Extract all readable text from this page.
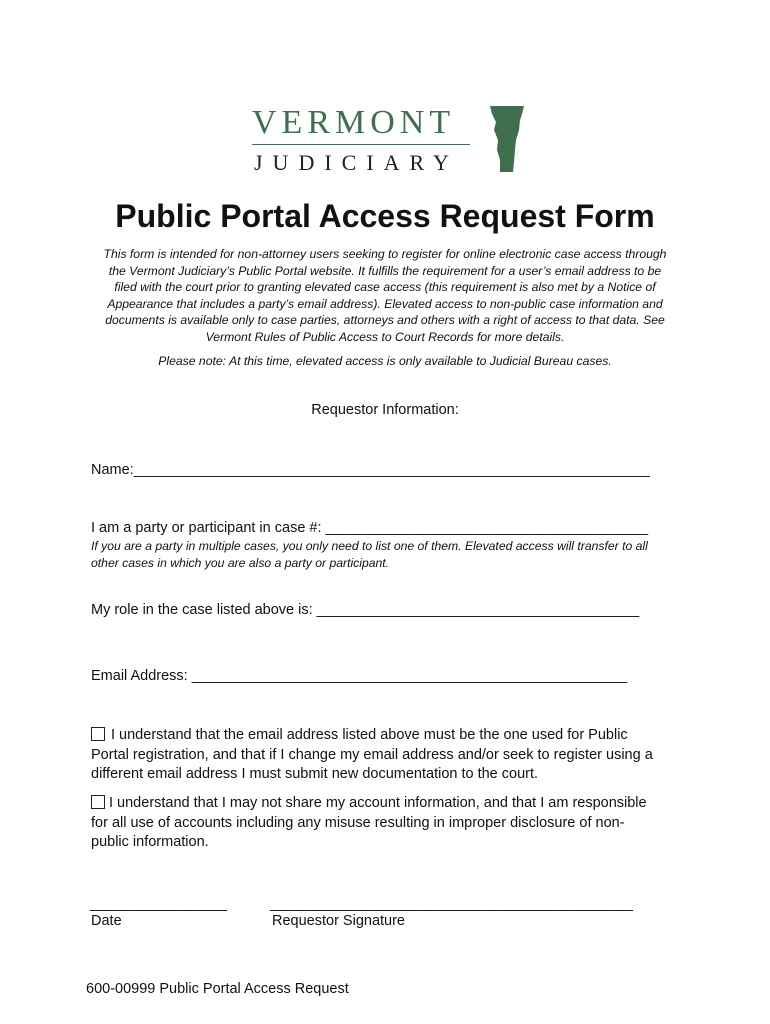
VERMONT
JUDICIARY
Public Portal Access Request Form
This form is intended for non-attorney users seeking to register for online electronic case access through
the Vermont Judiciary’s Public Portal website. It fulfills the requirement for a user’s email address to be
filed with the court prior to granting elevated case access (this requirement is also met by a Notice of
Appearance that includes a party’s email address). Elevated access to non-public case information and
documents is available only to case parties, attorneys and others with a right of access to that data. See
Vermont Rules of Public Access to Court Records for more details.
Please note: At this time, elevated access is only available to Judicial Bureau cases.
Requestor Information:
Name:________________________________________________________________
I am a party or participant in case #: ________________________________________
If you are a party in multiple cases, you only need to list one of them. Elevated access will transfer to all
other cases in which you are also a party or participant.
My role in the case listed above is: ________________________________________
Email Address: ______________________________________________________
I understand that the email address listed above must be the one used for Public
Portal registration, and that if I change my email address and/or seek to register using a
different email address I must submit new documentation to the court.
I understand that I may not share my account information, and that I am responsible
for all use of accounts including any misuse resulting in improper disclosure of non-
public information.
_________________
Date
_____________________________________________
Requestor Signature
600-00999 Public Portal Access Request
